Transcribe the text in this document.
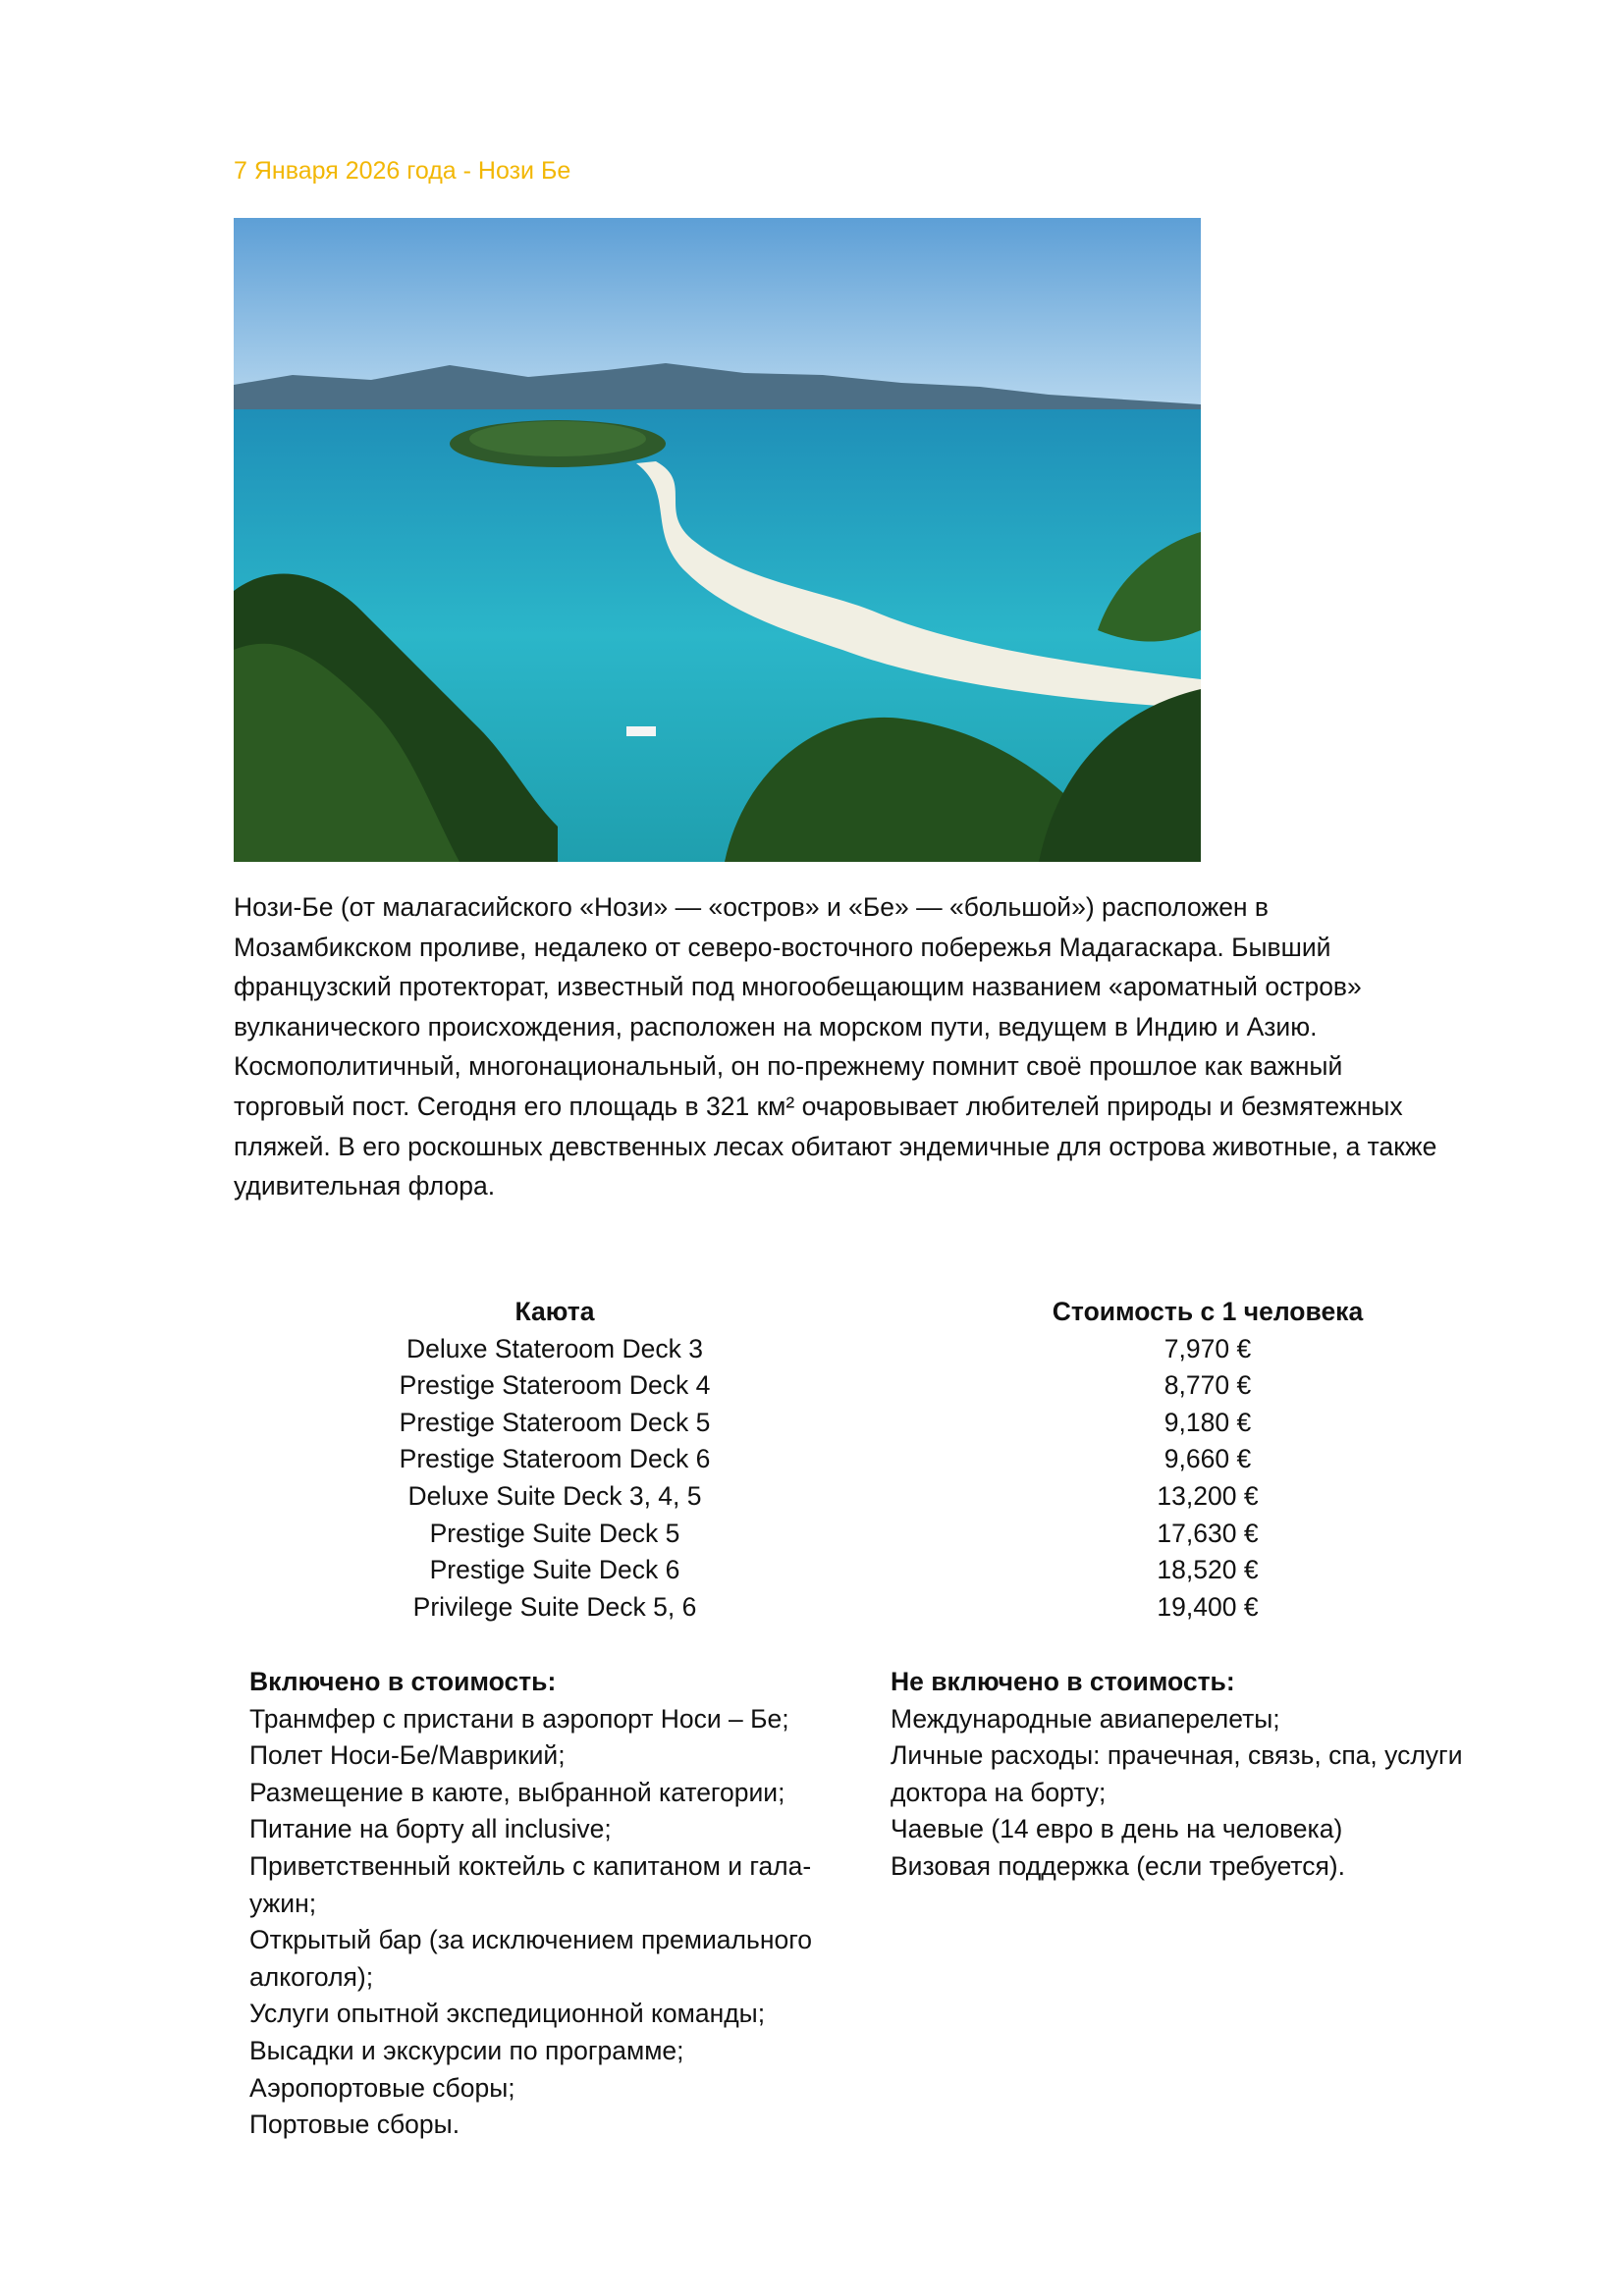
7 Января 2026 года - Нози Бе

Нози-Бе (от малагасийского «Нози» — «остров» и «Бе» — «большой») расположен в
Мозамбикском проливе, недалеко от северо-восточного побережья Мадагаскара. Бывший
французский протекторат, известный под многообещающим названием «ароматный остров»
вулканического происхождения, расположен на морском пути, ведущем в Индию и Азию.
Космополитичный, многонациональный, он по-прежнему помнит своё прошлое как важный
торговый пост. Сегодня его площадь в 321 км² очаровывает любителей природы и безмятежных
пляжей. В его роскошных девственных лесах обитают эндемичные для острова животные, а также
удивительная флора.

Каюта		Стоимость с 1 человека
Deluxe Stateroom Deck 3		7,970 €
Prestige Stateroom Deck 4		8,770 €
Prestige Stateroom Deck 5		9,180 €
Prestige Stateroom Deck 6		9,660 €
Deluxe Suite Deck 3, 4, 5		13,200 €
Prestige Suite Deck 5		17,630 €
Prestige Suite Deck 6		18,520 €
Privilege Suite Deck 5, 6		19,400 €
Включено в стоимость:
Транмфер с пристани в аэропорт Носи – Бе;
Полет Носи-Бе/Маврикий;
Размещение в каюте, выбранной категории;
Питание на борту all inclusive;
Приветственный коктейль с капитаном и гала-
ужин;
Открытый бар (за исключением премиального
алкоголя);
Услуги опытной экспедиционной команды;
Высадки и экскурсии по программе;
Аэропортовые сборы;
Портовые сборы.
Не включено в стоимость:
Международные авиаперелеты;
Личные расходы: прачечная, связь, спа, услуги
доктора на борту;
Чаевые (14 евро в день на человека)
Визовая поддержка (если требуется).
